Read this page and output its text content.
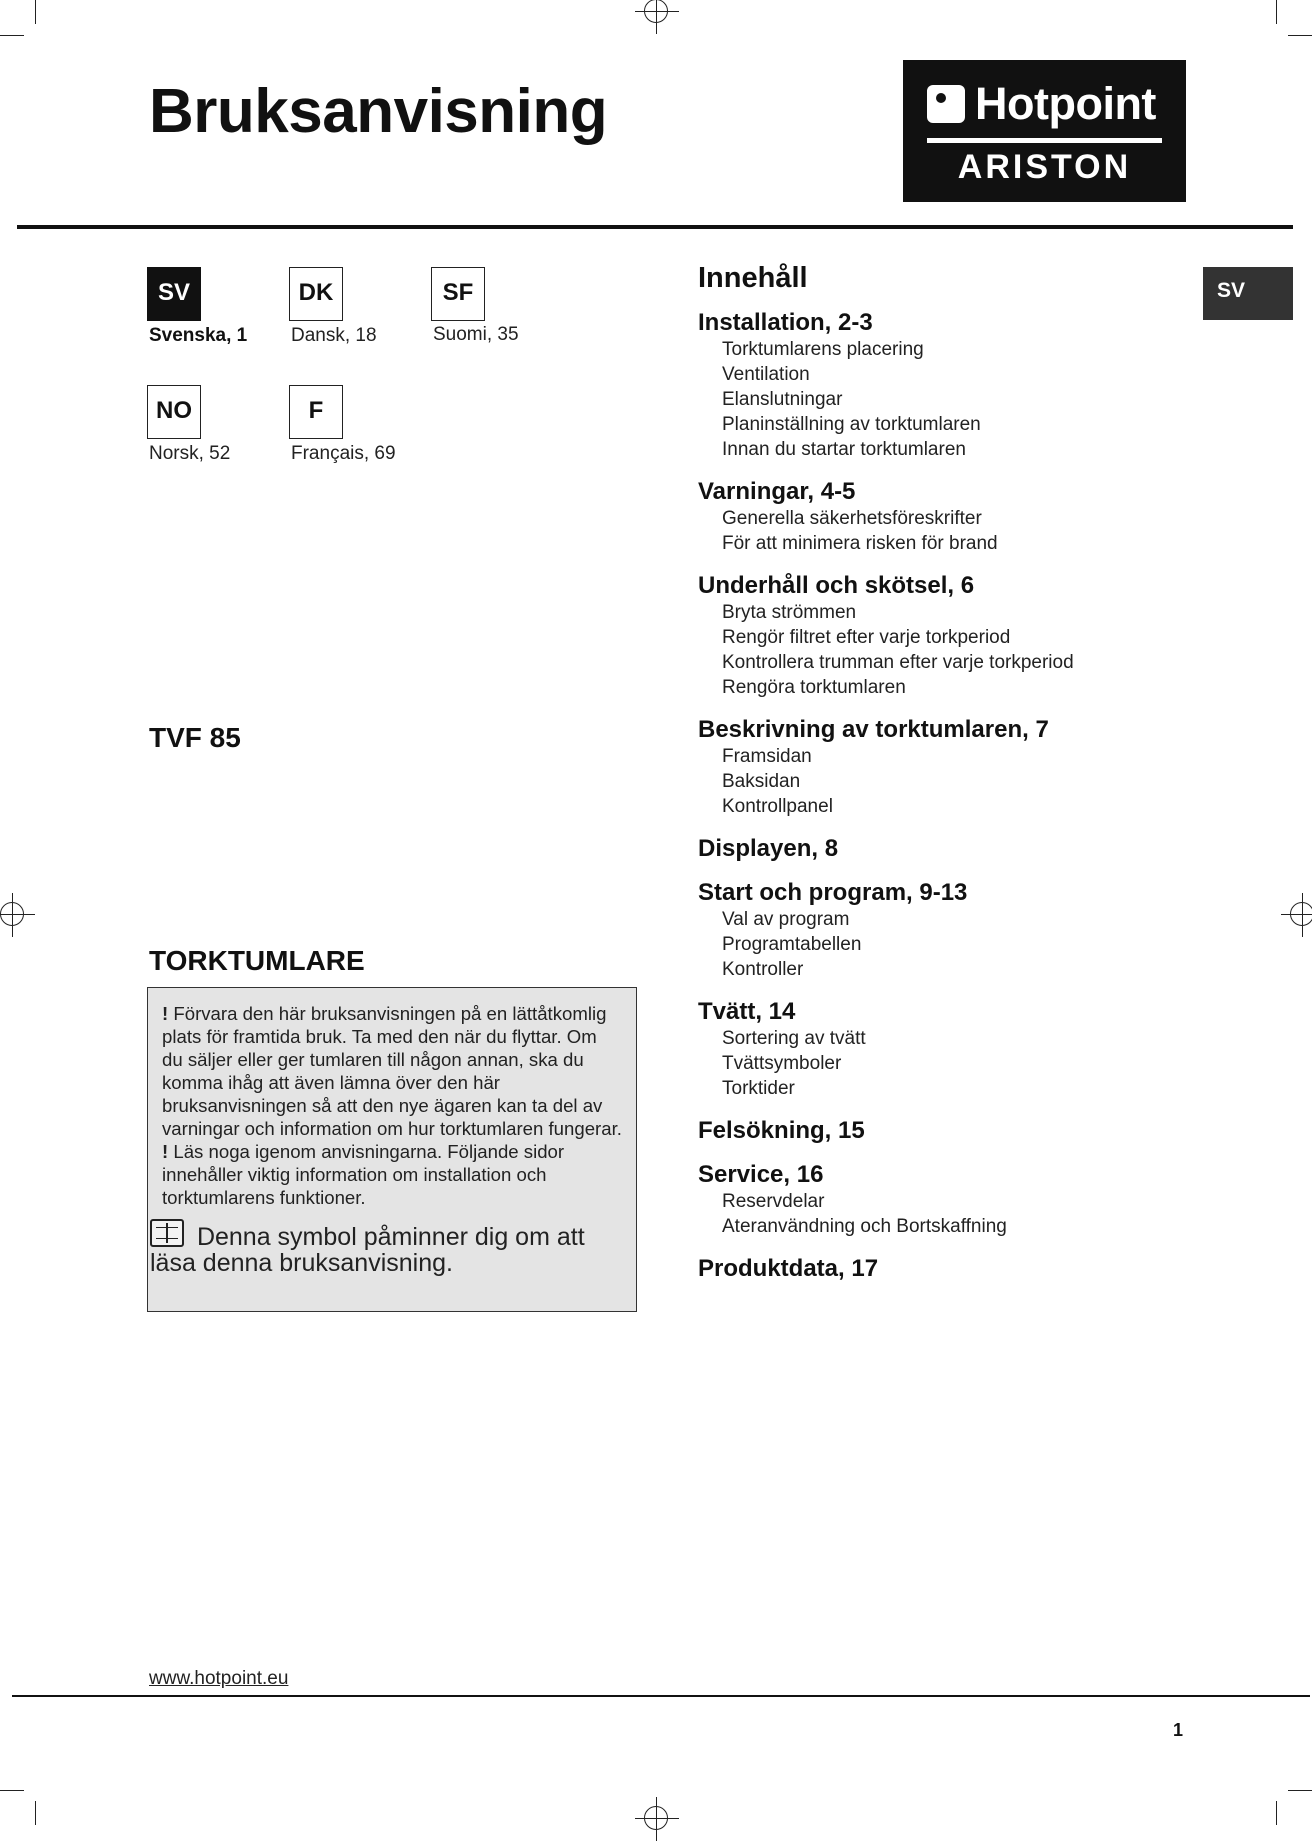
Bruksanvisning	Hotpoint
ARISTON
SV
Svenska, 1
DK
Dansk, 18
SF
Suomi, 35
NO
Norsk, 52
F
Français, 69
TVF 85
TORKTUMLARE

! Förvara den här bruksanvisningen på en lättåtkomlig plats för framtida bruk. Ta med den när du flyttar. Om du säljer eller ger tumlaren till någon annan, ska du komma ihåg att även lämna över den här bruksanvisningen så att den nye ägaren kan ta del av varningar och information om hur torktumlaren fungerar.

! Läs noga igenom anvisningarna. Följande sidor innehåller viktig information om installation och torktumlarens funktioner.

Denna symbol påminner dig om att läsa denna bruksanvisning.

Innehåll
Installation, 2-3
Torktumlarens placering
Ventilation
Elanslutningar
Planinställning av torktumlaren
Innan du startar torktumlaren
Varningar, 4-5
Generella säkerhetsföreskrifter
För att minimera risken för brand
Underhåll och skötsel, 6
Bryta strömmen
Rengör filtret efter varje torkperiod
Kontrollera trumman efter varje torkperiod
Rengöra torktumlaren
Beskrivning av torktumlaren, 7
Framsidan
Baksidan
Kontrollpanel
Displayen, 8
Start och program, 9-13
Val av program
Programtabellen
Kontroller
Tvätt, 14
Sortering av tvätt
Tvättsymboler
Torktider
Felsökning, 15
Service, 16
Reservdelar
Ateranvändning och Bortskaffning
Produktdata, 17
SV
www.hotpoint.eu
1
